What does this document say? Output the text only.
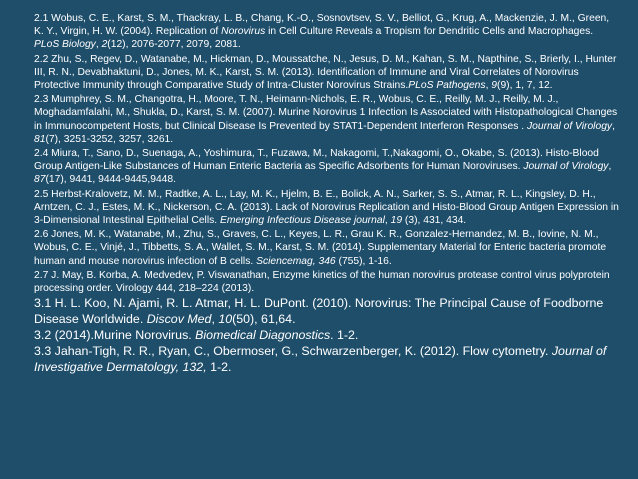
2.1 Wobus, C. E., Karst, S. M., Thackray, L. B., Chang, K.-O., Sosnovtsev, S. V., Belliot, G., Krug, A., Mackenzie, J. M., Green, K. Y., Virgin, H. W. (2004). Replication of Norovirus in Cell Culture Reveals a Tropism for Dendritic Cells and Macrophages. PLoS Biology, 2(12), 2076-2077, 2079, 2081.

2.2 Zhu, S., Regev, D., Watanabe, M., Hickman, D., Moussatche, N., Jesus, D. M., Kahan, S. M., Napthine, S., Brierly, I., Hunter III, R. N., Devabhaktuni, D., Jones, M. K., Karst, S. M. (2013). Identification of Immune and Viral Correlates of Norovirus Protective Immunity through Comparative Study of Intra-Cluster Norovirus Strains.PLoS Pathogens, 9(9), 1, 7, 12.

2.3 Mumphrey, S. M., Changotra, H., Moore, T. N., Heimann-Nichols, E. R., Wobus, C. E., Reilly, M. J., Reilly, M. J., Moghadamfalahi, M., Shukla, D., Karst, S. M. (2007). Murine Norovirus 1 Infection Is Associated with Histopathological Changes in Immunocompetent Hosts, but Clinical Disease Is Prevented by STAT1-Dependent Interferon Responses . Journal of Virology, 81(7), 3251-3252, 3257, 3261.

2.4 Miura, T., Sano, D., Suenaga, A., Yoshimura, T., Fuzawa, M., Nakagomi, T.,Nakagomi, O., Okabe, S. (2013). Histo-Blood Group Antigen-Like Substances of Human Enteric Bacteria as Specific Adsorbents for Human Noroviruses. Journal of Virology, 87(17), 9441, 9444-9445,9448.

2.5 Herbst-Kralovetz, M. M., Radtke, A. L., Lay, M. K., Hjelm, B. E., Bolick, A. N., Sarker, S. S., Atmar, R. L., Kingsley, D. H., Arntzen, C. J., Estes, M. K., Nickerson, C. A. (2013). Lack of Norovirus Replication and Histo-Blood Group Antigen Expression in 3-Dimensional Intestinal Epithelial Cells. Emerging Infectious Disease journal, 19 (3), 431, 434.

2.6 Jones, M. K., Watanabe, M., Zhu, S., Graves, C. L., Keyes, L. R., Grau K. R., Gonzalez-Hernandez, M. B., Iovine, N. M., Wobus, C. E., Vinjé, J., Tibbetts, S. A., Wallet, S. M., Karst, S. M. (2014). Supplementary Material for Enteric bacteria promote human and mouse norovirus infection of B cells. Sciencemag, 346 (755), 1-16.

2.7 J. May, B. Korba, A. Medvedev, P. Viswanathan, Enzyme kinetics of the human norovirus protease control virus polyprotein processing order. Virology 444, 218–224 (2013).

3.1 H. L. Koo, N. Ajami, R. L. Atmar, H. L. DuPont. (2010). Norovirus: The Principal Cause of Foodborne Disease Worldwide. Discov Med, 10(50), 61,64.

3.2 (2014).Murine Norovirus. Biomedical Diagonostics. 1-2.

3.3 Jahan-Tigh, R. R., Ryan, C., Obermoser, G., Schwarzenberger, K. (2012). Flow cytometry. Journal of Investigative Dermatology, 132, 1-2.
